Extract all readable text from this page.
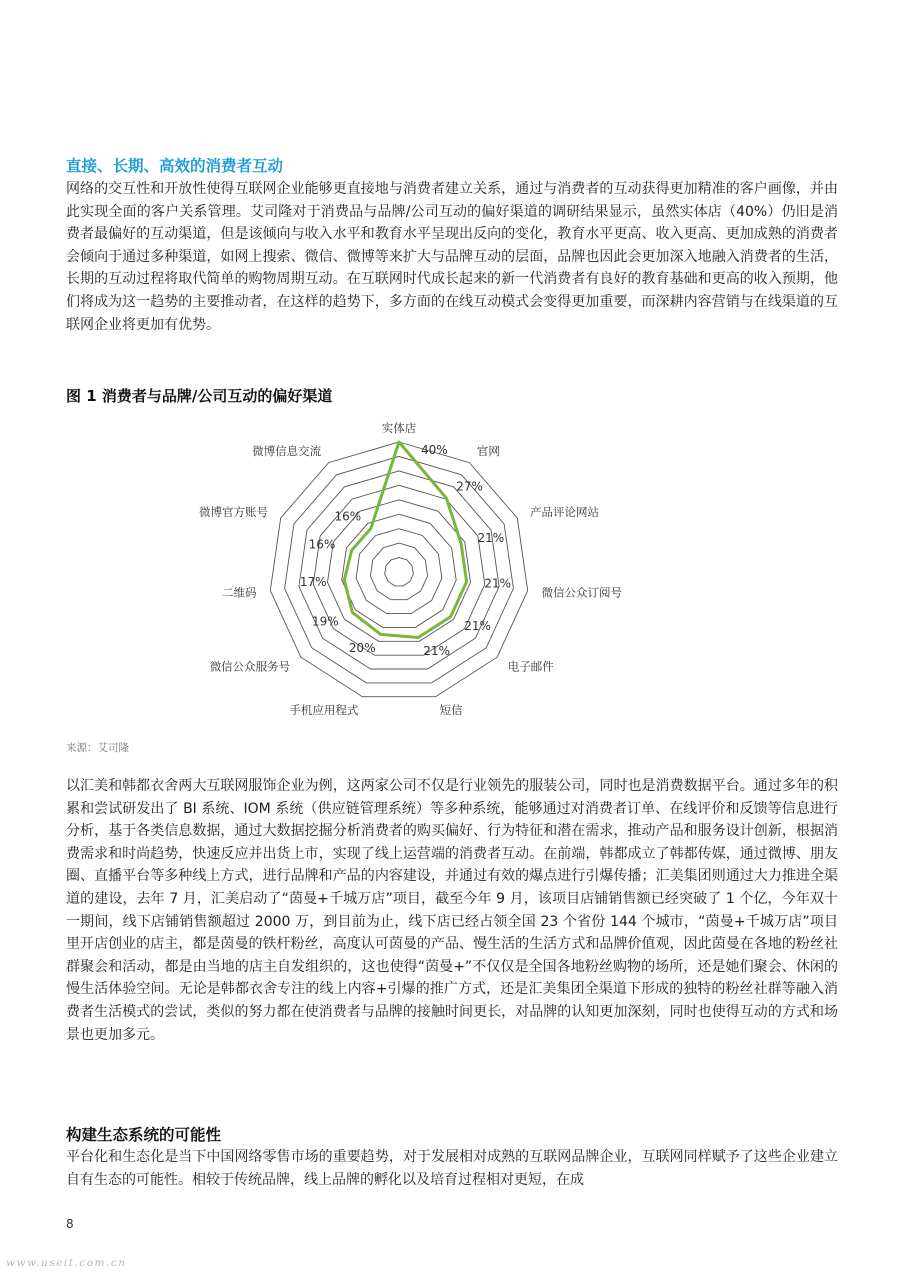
直接、长期、高效的消费者互动

网络的交互性和开放性使得互联网企业能够更直接地与消费者建立关系，通过与消费者的互动获得更加精准的客户画像，并由此实现全面的客户关系管理。艾司隆对于消费品与品牌/公司互动的偏好渠道的调研结果显示，虽然实体店（40%）仍旧是消费者最偏好的互动渠道，但是该倾向与收入水平和教育水平呈现出反向的变化，教育水平更高、收入更高、更加成熟的消费者会倾向于通过多种渠道，如网上搜索、微信、微博等来扩大与品牌互动的层面，品牌也因此会更加深入地融入消费者的生活，长期的互动过程将取代简单的购物周期互动。在互联网时代成长起来的新一代消费者有良好的教育基础和更高的收入预期，他们将成为这一趋势的主要推动者，在这样的趋势下，多方面的在线互动模式会变得更加重要，而深耕内容营销与在线渠道的互联网企业将更加有优势。

图 1 消费者与品牌/公司互动的偏好渠道
实体店
40%	官网
27%
产品评论网站
21%
微信公众订阅号
21%
电子邮件
21%
短信
21%
手机应用程式
20%
微信公众服务号
19%
二维码
17%
微博官方账号
16%
微博信息交流
16%
来源：艾司隆

以汇美和韩都衣舍两大互联网服饰企业为例，这两家公司不仅是行业领先的服装公司，同时也是消费数据平台。通过多年的积累和尝试研发出了 BI 系统、IOM 系统（供应链管理系统）等多种系统，能够通过对消费者订单、在线评价和反馈等信息进行分析，基于各类信息数据，通过大数据挖掘分析消费者的购买偏好、行为特征和潜在需求，推动产品和服务设计创新，根据消费需求和时尚趋势，快速反应并出货上市，实现了线上运营端的消费者互动。在前端，韩都成立了韩都传媒，通过微博、朋友圈、直播平台等多种线上方式，进行品牌和产品的内容建设，并通过有效的爆点进行引爆传播；汇美集团则通过大力推进全渠道的建设，去年 7 月，汇美启动了“茵曼+千城万店”项目，截至今年 9 月，该项目店铺销售额已经突破了 1 个亿，今年双十一期间，线下店铺销售额超过 2000 万，到目前为止，线下店已经占领全国 23 个省份 144 个城市，“茵曼+千城万店”项目里开店创业的店主，都是茵曼的铁杆粉丝，高度认可茵曼的产品、慢生活的生活方式和品牌价值观，因此茵曼在各地的粉丝社群聚会和活动，都是由当地的店主自发组织的，这也使得“茵曼+”不仅仅是全国各地粉丝购物的场所，还是她们聚会、休闲的慢生活体验空间。无论是韩都衣舍专注的线上内容+引爆的推广方式，还是汇美集团全渠道下形成的独特的粉丝社群等融入消费者生活模式的尝试，类似的努力都在使消费者与品牌的接触时间更长，对品牌的认知更加深刻，同时也使得互动的方式和场景也更加多元。

构建生态系统的可能性

平台化和生态化是当下中国网络零售市场的重要趋势，对于发展相对成熟的互联网品牌企业，互联网同样赋予了这些企业建立自有生态的可能性。相较于传统品牌，线上品牌的孵化以及培育过程相对更短，在成

8
www.useit.com.cn
